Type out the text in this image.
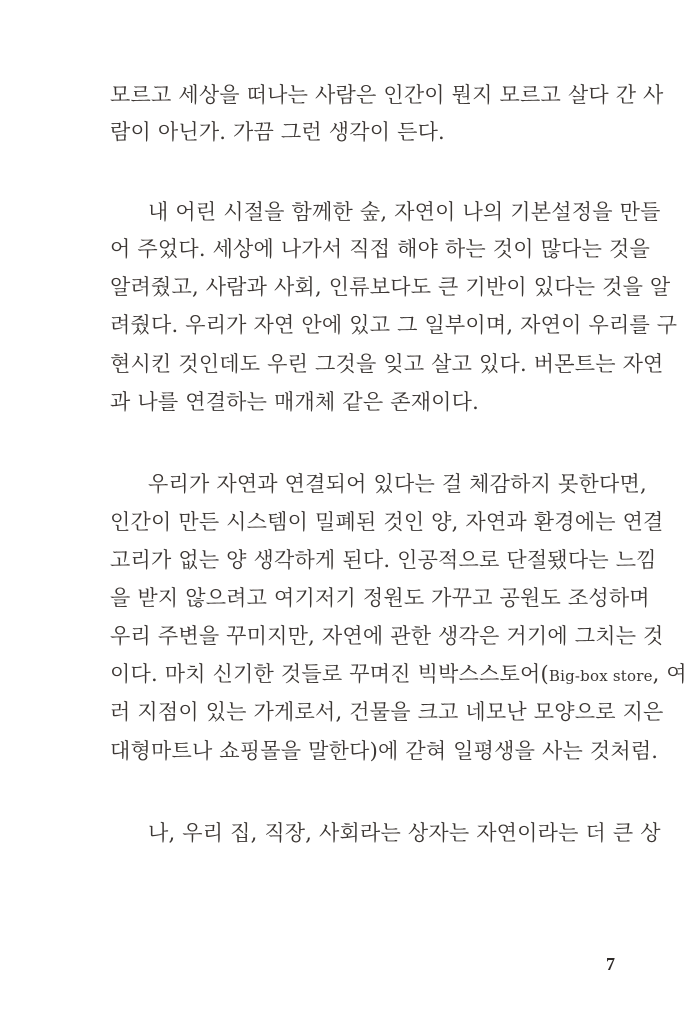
모르고 세상을 떠나는 사람은 인간이 뭔지 모르고 살다 간 사
람이 아닌가. 가끔 그런 생각이 든다.
내 어린 시절을 함께한 숲, 자연이 나의 기본설정을 만들
어 주었다. 세상에 나가서 직접 해야 하는 것이 많다는 것을
알려줬고, 사람과 사회, 인류보다도 큰 기반이 있다는 것을 알
려줬다. 우리가 자연 안에 있고 그 일부이며, 자연이 우리를 구
현시킨 것인데도 우린 그것을 잊고 살고 있다. 버몬트는 자연
과 나를 연결하는 매개체 같은 존재이다.
우리가 자연과 연결되어 있다는 걸 체감하지 못한다면,
인간이 만든 시스템이 밀폐된 것인 양, 자연과 환경에는 연결
고리가 없는 양 생각하게 된다. 인공적으로 단절됐다는 느낌
을 받지 않으려고 여기저기 정원도 가꾸고 공원도 조성하며
우리 주변을 꾸미지만, 자연에 관한 생각은 거기에 그치는 것
이다. 마치 신기한 것들로 꾸며진 빅박스스토어(Big-box store, 여
러 지점이 있는 가게로서, 건물을 크고 네모난 모양으로 지은
대형마트나 쇼핑몰을 말한다)에 갇혀 일평생을 사는 것처럼.
나, 우리 집, 직장, 사회라는 상자는 자연이라는 더 큰 상
7
